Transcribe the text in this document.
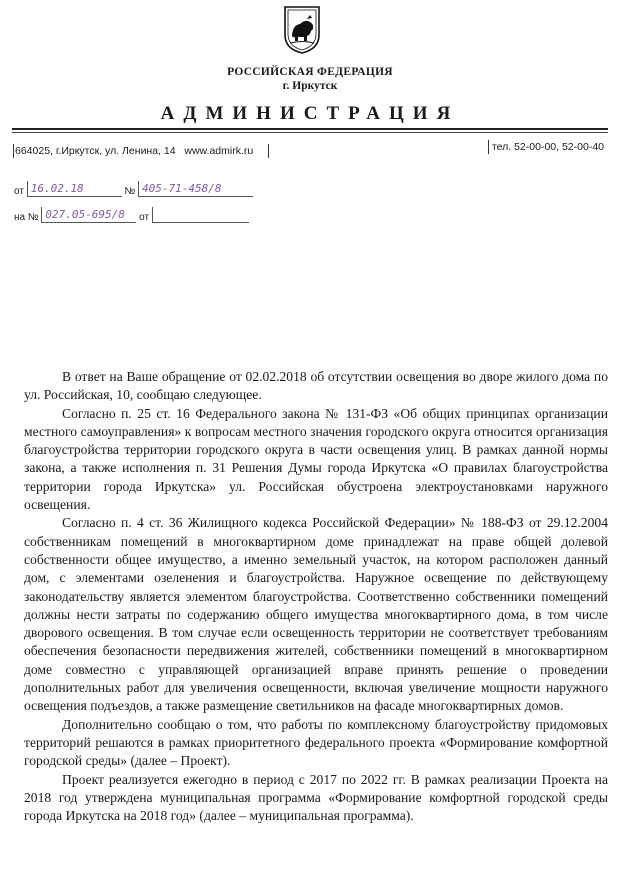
РОССИЙСКАЯ ФЕДЕРАЦИЯ
г. Иркутск
АДМИНИСТРАЦИЯ
664025, г.Иркутск, ул. Ленина, 14 www.admirk.ru	тел. 52-00-00, 52-00-40
от 16.02.18	№ 405-71-458/8
на № 027.05-695/8 от

В ответ на Ваше обращение от 02.02.2018 об отсутствии освещения во дворе жилого дома по ул. Российская, 10, сообщаю следующее.

Согласно п. 25 ст. 16 Федерального закона № 131-ФЗ «Об общих принципах организации местного самоуправления» к вопросам местного значения городского округа относится организация благоустройства территории городского округа в части освещения улиц. В рамках данной нормы закона, а также исполнения п. 31 Решения Думы города Иркутска «О правилах благоустройства территории города Иркутска» ул. Российская обустроена электроустановками наружного освещения.

Согласно п. 4 ст. 36 Жилищного кодекса Российской Федерации» № 188-ФЗ от 29.12.2004 собственникам помещений в многоквартирном доме принадлежат на праве общей долевой собственности общее имущество, а именно земельный участок, на котором расположен данный дом, с элементами озеленения и благоустройства. Наружное освещение по действующему законодательству является элементом благоустройства. Соответственно собственники помещений должны нести затраты по содержанию общего имущества многоквартирного дома, в том числе дворового освещения. В том случае если освещенность территории не соответствует требованиям обеспечения безопасности передвижения жителей, собственники помещений в многоквартирном доме совместно с управляющей организацией вправе принять решение о проведении дополнительных работ для увеличения освещенности, включая увеличение мощности наружного освещения подъездов, а также размещение светильников на фасаде многоквартирных домов.

Дополнительно сообщаю о том, что работы по комплексному благоустройству придомовых территорий решаются в рамках приоритетного федерального проекта «Формирование комфортной городской среды» (далее – Проект).

Проект реализуется ежегодно в период с 2017 по 2022 гг. В рамках реализации Проекта на 2018 год утверждена муниципальная программа «Формирование комфортной городской среды города Иркутска на 2018 год» (далее – муниципальная программа).
